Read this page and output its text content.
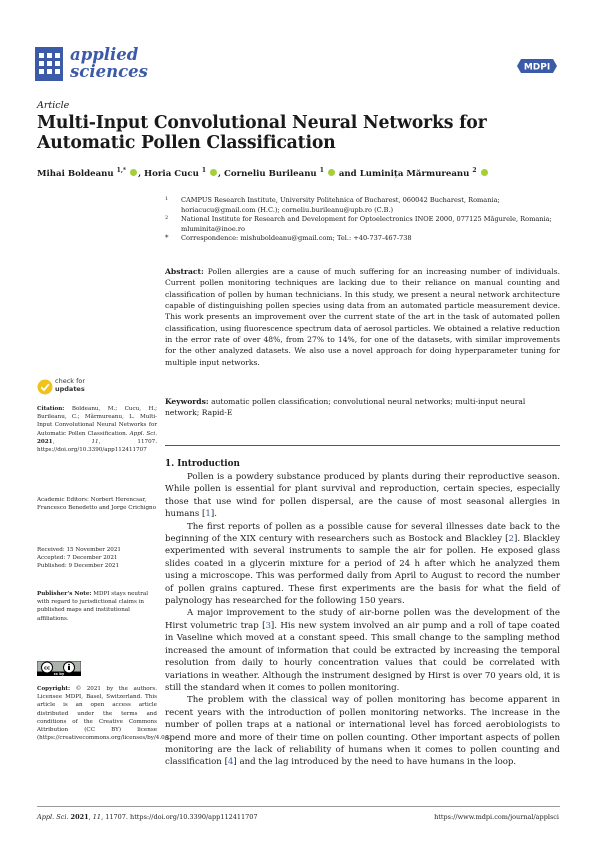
applied
sciences	MDPI
Article
Multi-Input Convolutional Neural Networks for Automatic Pollen Classification
Mihai Boldeanu $^{1,*}$ , Horia Cucu $^1$ , Corneliu Burileanu $^1$  and Luminița Mărmureanu $^2$
1 CAMPUS Research Institute, University Politehnica of Bucharest, 060042 Bucharest, Romania; horiacucu@gmail.com (H.C.); corneliu.burileanu@upb.ro (C.B.)
2 National Institute for Research and Development for Optoelectronics INOE 2000, 077125 Măgurele, Romania; mluminita@inoe.ro
* Correspondence: mishuboldeanu@gmail.com; Tel.: +40-737-467-738

Abstract: Pollen allergies are a cause of much suffering for an increasing number of individuals. Current pollen monitoring techniques are lacking due to their reliance on manual counting and classification of pollen by human technicians. In this study, we present a neural network architecture capable of distinguishing pollen species using data from an automated particle measurement device. This work presents an improvement over the current state of the art in the task of automated pollen classification, using fluorescence spectrum data of aerosol particles. We obtained a relative reduction in the error rate of over 48%, from 27% to 14%, for one of the datasets, with similar improvements for the other analyzed datasets. We also use a novel approach for doing hyperparameter tuning for multiple input networks.

Keywords: automatic pollen classification; convolutional neural networks; multi-input neural network; Rapid-E

check for
updates

Citation: Boldeanu, M.; Cucu, H.; Burileanu, C.; Mărmureanu, L. Multi-Input Convolutional Neural Networks for Automatic Pollen Classification. Appl. Sci. 2021, 11, 11707. https://doi.org/10.3390/app112411707

Academic Editors: Norbert Herencsar, Francesco Benedetto and Jorge Crichigno

Received: 15 November 2021
Accepted: 7 December 2021
Published: 9 December 2021

Publisher’s Note: MDPI stays neutral with regard to jurisdictional claims in published maps and institutional affiliations.

cc
cc by

Copyright: © 2021 by the authors. Licensee MDPI, Basel, Switzerland. This article is an open access article distributed under the terms and conditions of the Creative Commons Attribution (CC BY) license (https://creativecommons.org/licenses/by/4.0/).

1. Introduction

Pollen is a powdery substance produced by plants during their reproductive season. While pollen is essential for plant survival and reproduction, certain species, especially those that use wind for pollen dispersal, are the cause of most seasonal allergies in humans [1].

The first reports of pollen as a possible cause for several illnesses date back to the beginning of the XIX century with researchers such as Bostock and Blackley [2]. Blackley experimented with several instruments to sample the air for pollen. He exposed glass slides coated in a glycerin mixture for a period of 24 h after which he analyzed them using a microscope. This was performed daily from April to August to record the number of pollen grains captured. These first experiments are the basis for what the field of palynology has researched for the following 150 years.

A major improvement to the study of air-borne pollen was the development of the Hirst volumetric trap [3]. His new system involved an air pump and a roll of tape coated in Vaseline which moved at a constant speed. This small change to the sampling method increased the amount of information that could be extracted by increasing the temporal resolution from daily to hourly concentration values that could be correlated with variations in weather. Although the instrument designed by Hirst is over 70 years old, it is still the standard when it comes to pollen monitoring.

The problem with the classical way of pollen monitoring has become apparent in recent years with the introduction of pollen monitoring networks. The increase in the number of pollen traps at a national or international level has forced aerobiologists to spend more and more of their time on pollen counting. Other important aspects of pollen monitoring are the lack of reliability of humans when it comes to pollen counting and classification [4] and the lag introduced by the need to have humans in the loop.

Appl. Sci. 2021, 11, 11707. https://doi.org/10.3390/app112411707	https://www.mdpi.com/journal/applsci
